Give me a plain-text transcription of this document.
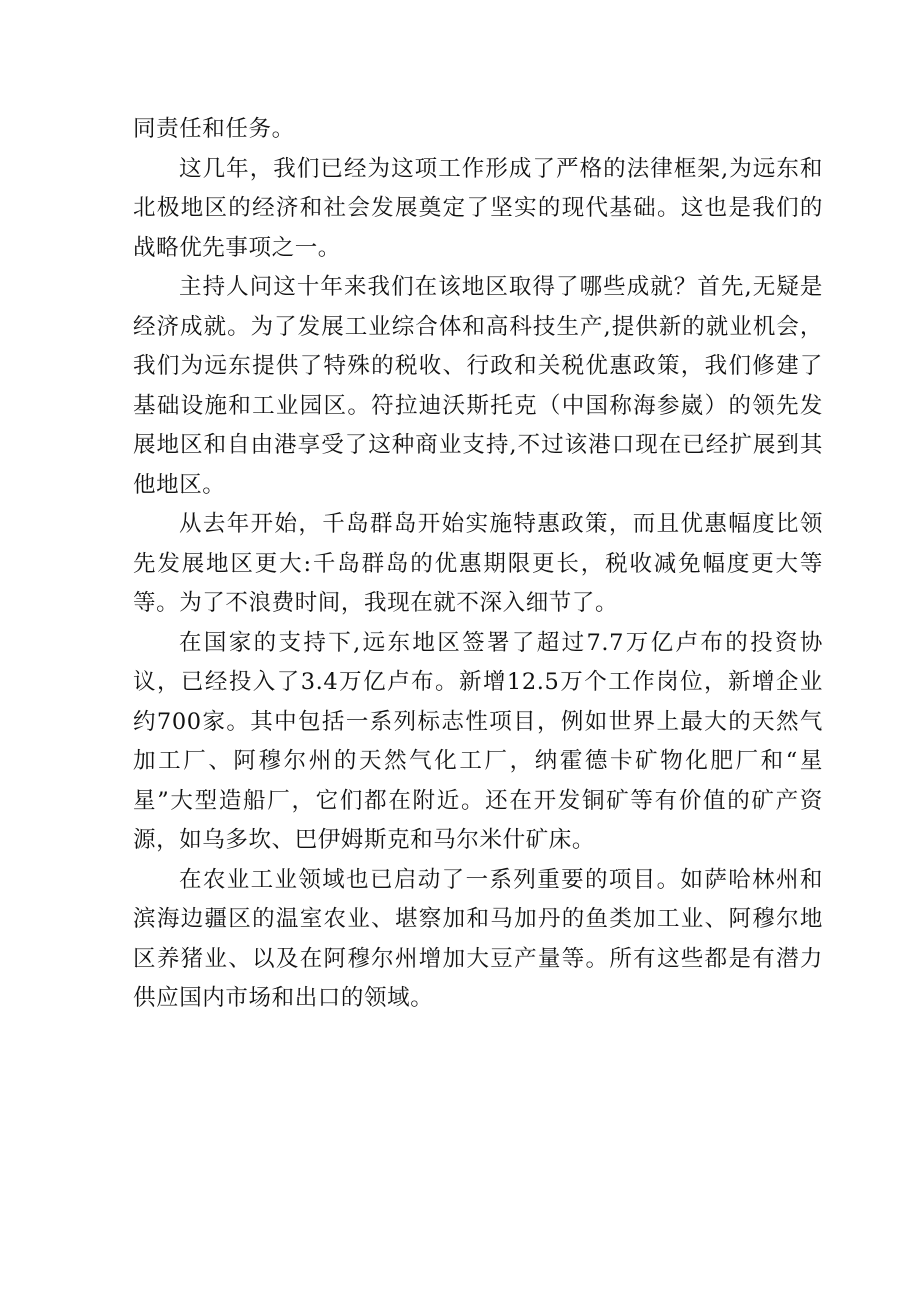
同责任和任务。

这几年，我们已经为这项工作形成了严格的法律框架,为远东和北极地区的经济和社会发展奠定了坚实的现代基础。这也是我们的战略优先事项之一。

主持人问这十年来我们在该地区取得了哪些成就？首先,无疑是经济成就。为了发展工业综合体和高科技生产,提供新的就业机会，我们为远东提供了特殊的税收、行政和关税优惠政策，我们修建了基础设施和工业园区。符拉迪沃斯托克（中国称海参崴）的领先发展地区和自由港享受了这种商业支持,不过该港口现在已经扩展到其他地区。

从去年开始，千岛群岛开始实施特惠政策，而且优惠幅度比领先发展地区更大:千岛群岛的优惠期限更长，税收减免幅度更大等等。为了不浪费时间，我现在就不深入细节了。

在国家的支持下,远东地区签署了超过7.7万亿卢布的投资协议，已经投入了3.4万亿卢布。新增12.5万个工作岗位，新增企业约700家。其中包括一系列标志性项目，例如世界上最大的天然气加工厂、阿穆尔州的天然气化工厂，纳霍德卡矿物化肥厂和“星星”大型造船厂，它们都在附近。还在开发铜矿等有价值的矿产资源，如乌多坎、巴伊姆斯克和马尔米什矿床。

在农业工业领域也已启动了一系列重要的项目。如萨哈林州和滨海边疆区的温室农业、堪察加和马加丹的鱼类加工业、阿穆尔地区养猪业、以及在阿穆尔州增加大豆产量等。所有这些都是有潜力供应国内市场和出口的领域。
